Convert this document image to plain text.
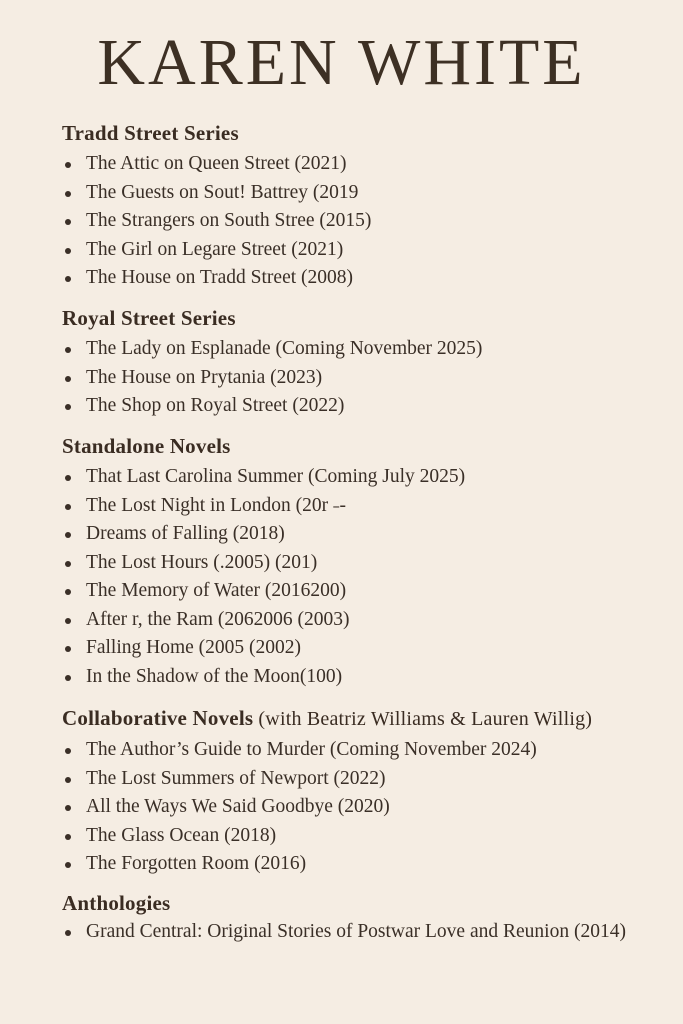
KAREN WHITE
Tradd Street Series
The Attic on Queen Street (2021)
The Guests on Sout! Battrey (2019
The Strangers on South Stree (2015)
The Girl on Legare Street (2021)
The House on Tradd Street (2008)
Royal Street Series
The Lady on Esplanade (Coming November 2025)
The House on Prytania (2023)
The Shop on Royal Street (2022)
Standalone Novels
That Last Carolina Summer (Coming July 2025)
The Lost Night in London (20r ˗-
Dreams of Falling (2018)
The Lost Hours (.2005) (201)
The Memory of Water (2016200)
After r, the Ram (2062006 (2003)
Falling Home (2005 (2002)
In the Shadow of the Moon(100)
Collaborative Novels (with Beatriz Williams & Lauren Willig)
The Author’s Guide to Murder (Coming November 2024)
The Lost Summers of Newport (2022)
All the Ways We Said Goodbye (2020)
The Glass Ocean (2018)
The Forgotten Room (2016)
Anthologies
Grand Central: Original Stories of Postwar Love and Reunion (2014)
